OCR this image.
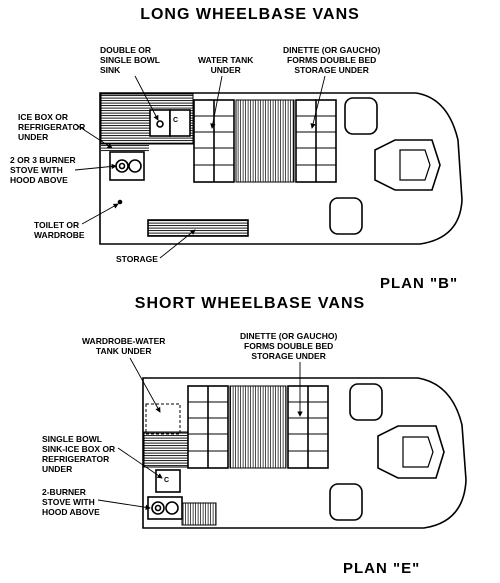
LONG WHEELBASE VANS
SHORT WHEELBASE VANS
PLAN "B"
PLAN "E"
DOUBLE OR
SINGLE BOWL
SINK
WATER TANK
UNDER
DINETTE (OR GAUCHO)
FORMS DOUBLE BED
STORAGE UNDER
ICE BOX OR
REFRIGERATOR
UNDER
2 OR 3 BURNER
STOVE WITH
HOOD ABOVE
TOILET OR
WARDROBE
STORAGE
WARDROBE-WATER
TANK UNDER
DINETTE (OR GAUCHO)
FORMS DOUBLE BED
STORAGE UNDER
SINGLE BOWL
SINK-ICE BOX OR
REFRIGERATOR
UNDER
2-BURNER
STOVE WITH
HOOD ABOVE
C
C
